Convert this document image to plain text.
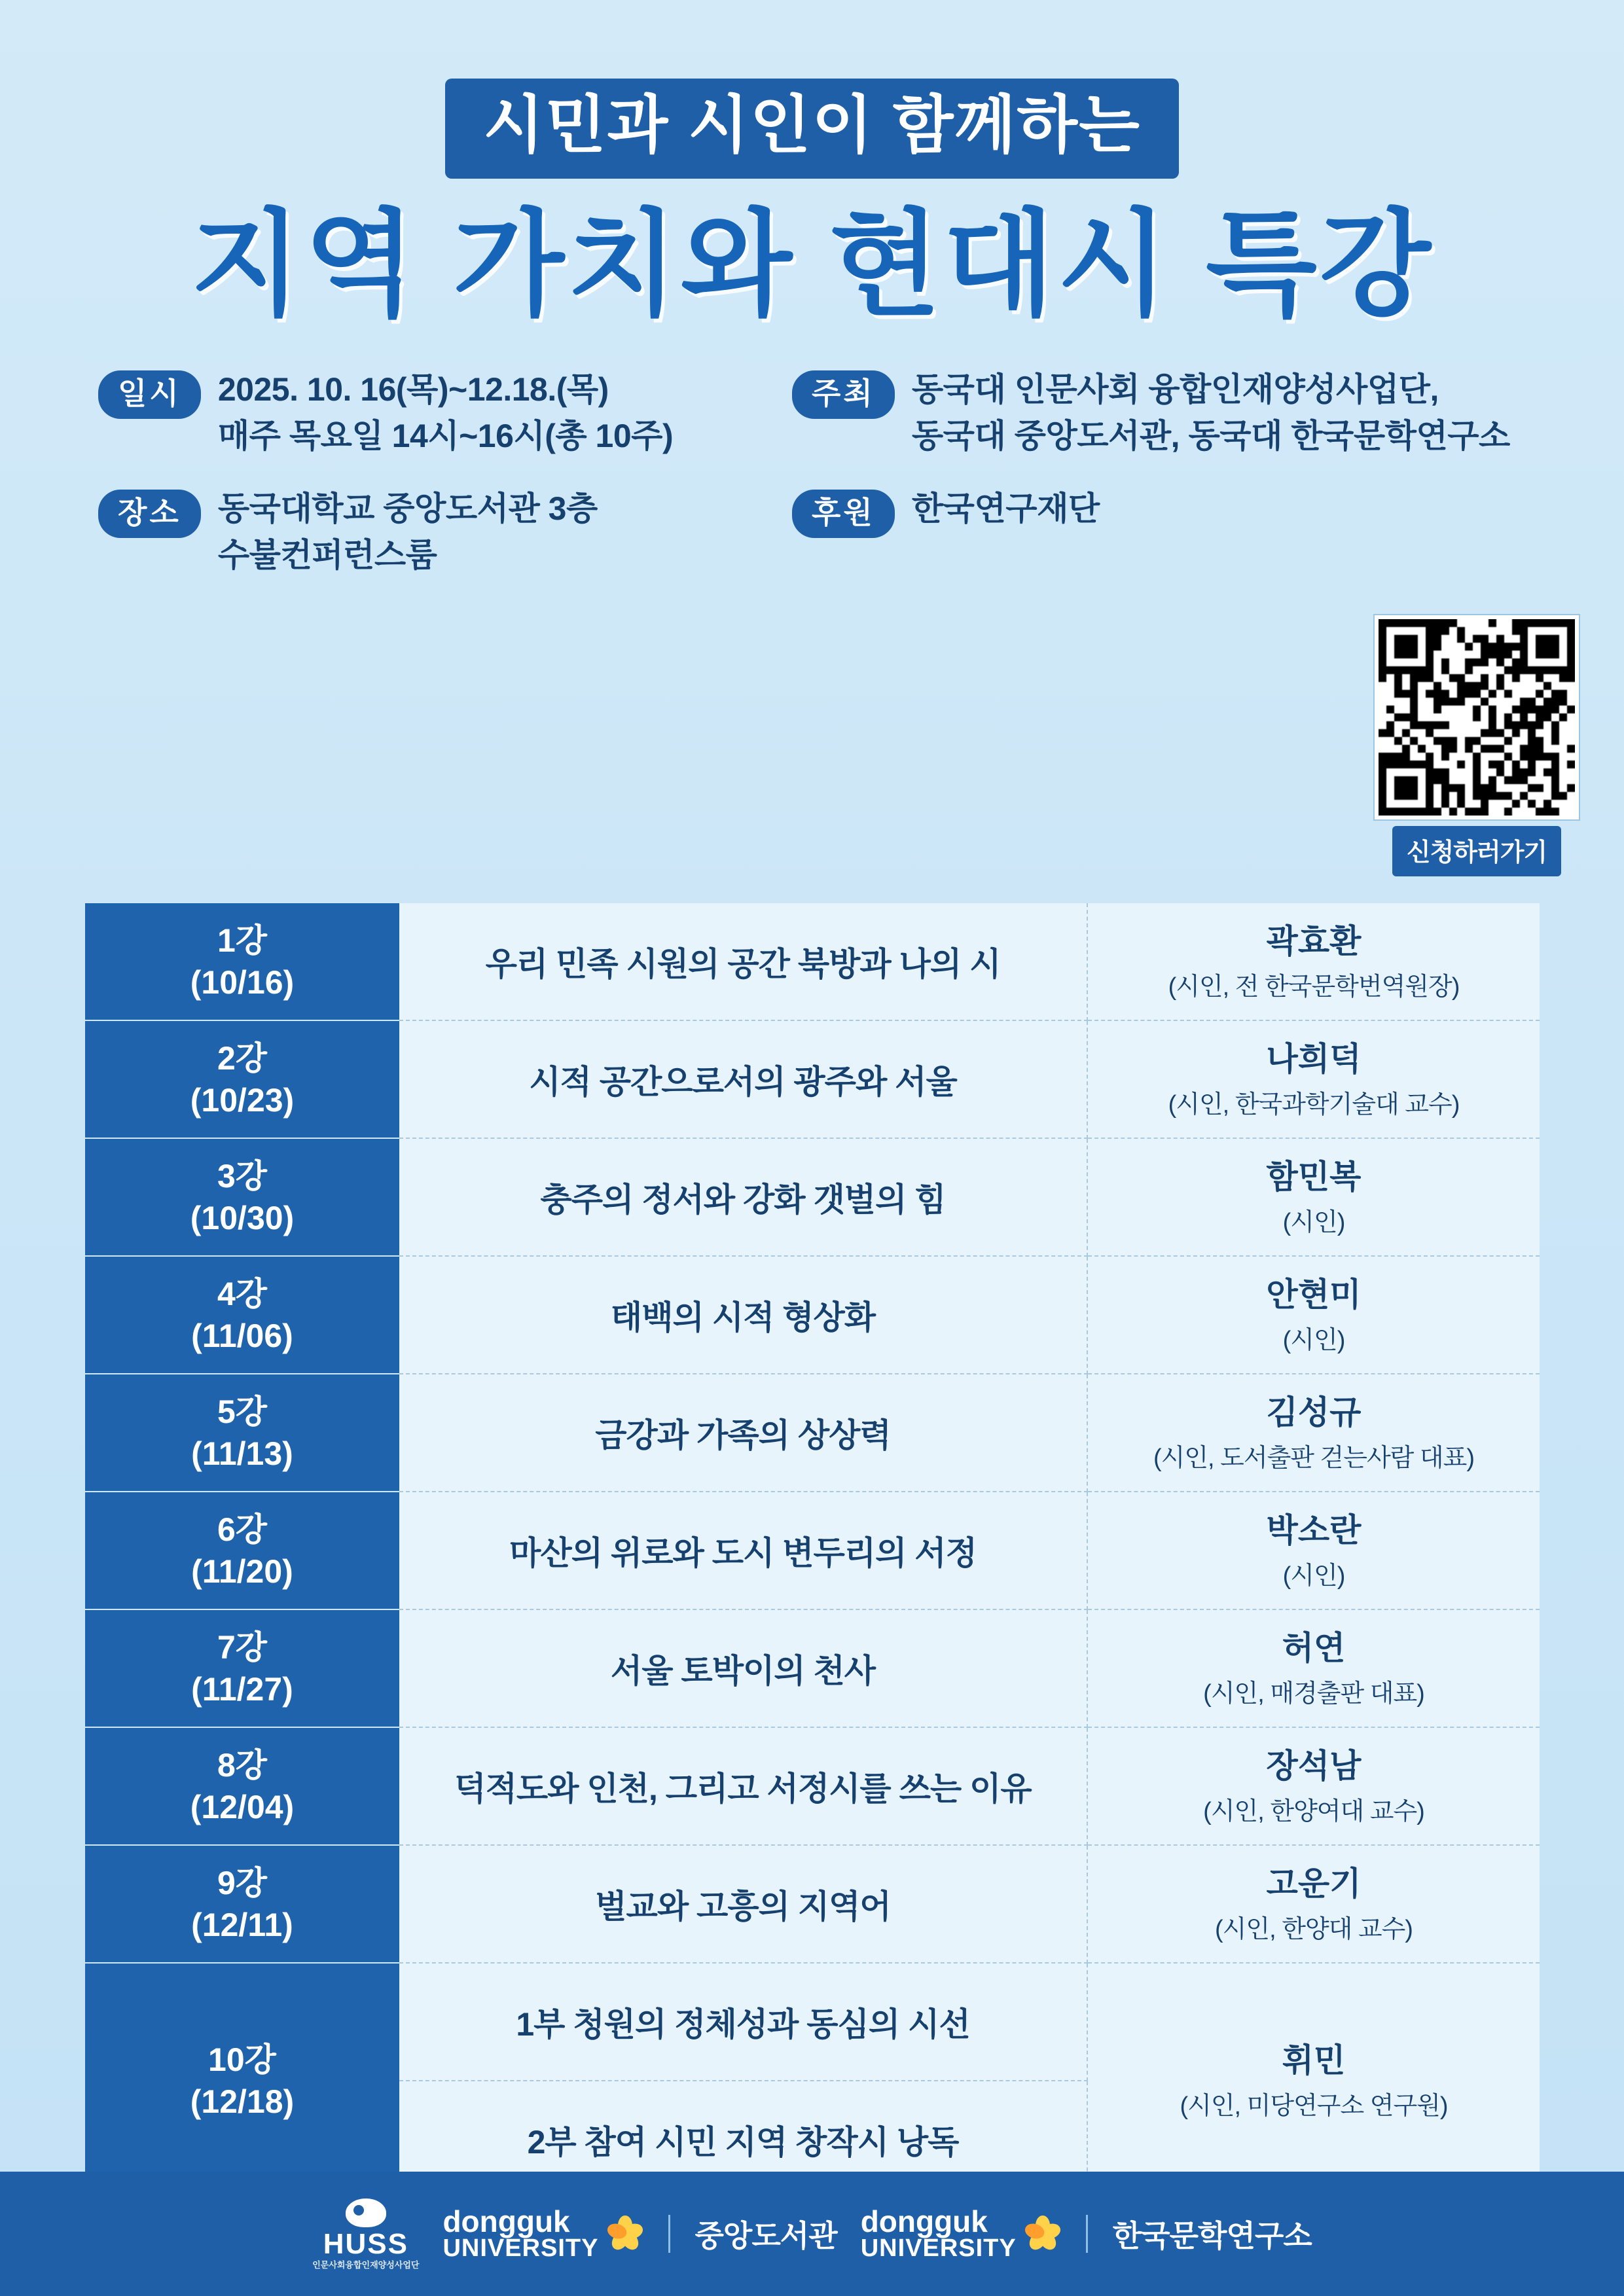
시민과 시인이 함께하는
지역 가치와 현대시 특강
일시	2025. 10. 16(목)~12.18.(목)
매주 목요일 14시~16시(총 10주)
주최	동국대 인문사회 융합인재양성사업단,
동국대 중앙도서관, 동국대 한국문학연구소
장소	동국대학교 중앙도서관 3층
수불컨퍼런스룸
후원	한국연구재단
신청하러가기
1강
(10/16)	우리 민족 시원의 공간 북방과 나의 시	곽효환
(시인, 전 한국문학번역원장)

2강
(10/23)	시적 공간으로서의 광주와 서울	나희덕
(시인, 한국과학기술대 교수)

3강
(10/30)	충주의 정서와 강화 갯벌의 힘	함민복
(시인)

4강
(11/06)	태백의 시적 형상화	안현미
(시인)

5강
(11/13)	금강과 가족의 상상력	김성규
(시인, 도서출판 걷는사람 대표)

6강
(11/20)	마산의 위로와 도시 변두리의 서정	박소란
(시인)

7강
(11/27)	서울 토박이의 천사	허연
(시인, 매경출판 대표)

8강
(12/04)	덕적도와 인천, 그리고 서정시를 쓰는 이유	장석남
(시인, 한양여대 교수)

9강
(12/11)	벌교와 고흥의 지역어	고운기
(시인, 한양대 교수)

10강
(12/18)	1부 청원의 정체성과 동심의 시선	휘민
(시인, 미당연구소 연구원)

	2부 참여 시민 지역 창작시 낭독	
HUSS
인문사회융합인재양성사업단
dongguk
UNIVERSITY	중앙도서관 dongguk
UNIVERSITY	한국문학연구소
